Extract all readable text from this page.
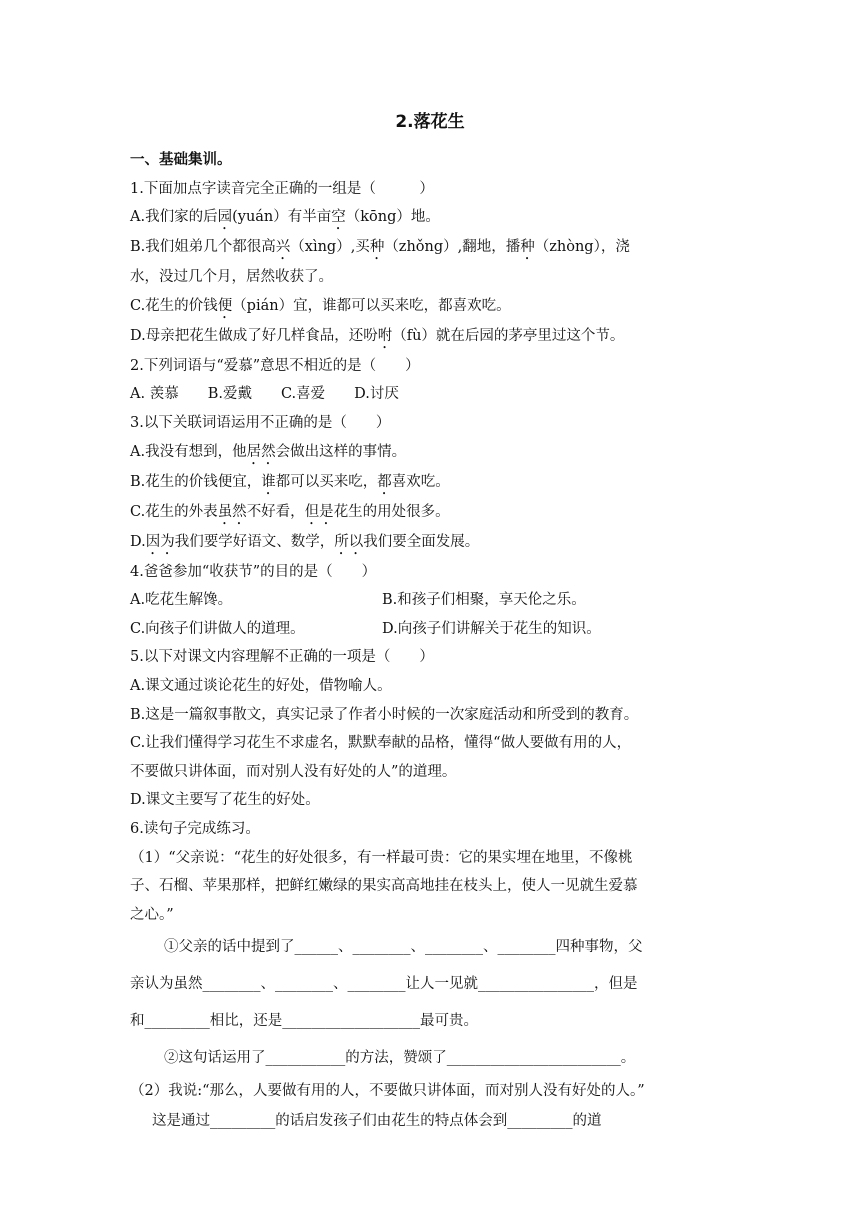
2.落花生

一、基础集训。

1.下面加点字读音完全正确的一组是（　　　）

A.我们家的后园(yuán）有半亩空（kōng）地。

B.我们姐弟几个都很高兴（xìng）,买种（zhǒng）,翻地，播种（zhòng），浇

水，没过几个月，居然收获了。

C.花生的价钱便（pián）宜，谁都可以买来吃，都喜欢吃。

D.母亲把花生做成了好几样食品，还吩咐（fù）就在后园的茅亭里过这个节。

2.下列词语与“爱慕”意思不相近的是（　　）

A. 羡慕　　B.爱戴　　C.喜爱　　D.讨厌

3.以下关联词语运用不正确的是（　　）

A.我没有想到，他居然会做出这样的事情。

B.花生的价钱便宜，谁都可以买来吃，都喜欢吃。

C.花生的外表虽然不好看，但是花生的用处很多。

D.因为我们要学好语文、数学，所以我们要全面发展。

4.爸爸参加“收获节”的目的是（　　）

A.吃花生解馋。	B.和孩子们相聚，享天伦之乐。

C.向孩子们讲做人的道理。	D.向孩子们讲解关于花生的知识。

5.以下对课文内容理解不正确的一项是（　　）

A.课文通过谈论花生的好处，借物喻人。

B.这是一篇叙事散文，真实记录了作者小时候的一次家庭活动和所受到的教育。

C.让我们懂得学习花生不求虚名，默默奉献的品格，懂得“做人要做有用的人，

不要做只讲体面，而对别人没有好处的人”的道理。

D.课文主要写了花生的好处。

6.读句子完成练习。

（1）“父亲说：“花生的好处很多，有一样最可贵：它的果实埋在地里，不像桃

子、石榴、苹果那样，把鲜红嫩绿的果实高高地挂在枝头上，使人一见就生爱慕

之心。”

①父亲的话中提到了______、________、________、________四种事物，父

亲认为虽然________、________、________让人一见就________________，但是

和_________相比，还是___________________最可贵。

②这句话运用了___________的方法，赞颂了________________________。

（2）我说:“那么，人要做有用的人，不要做只讲体面，而对别人没有好处的人。”

这是通过_________的话启发孩子们由花生的特点体会到_________的道
